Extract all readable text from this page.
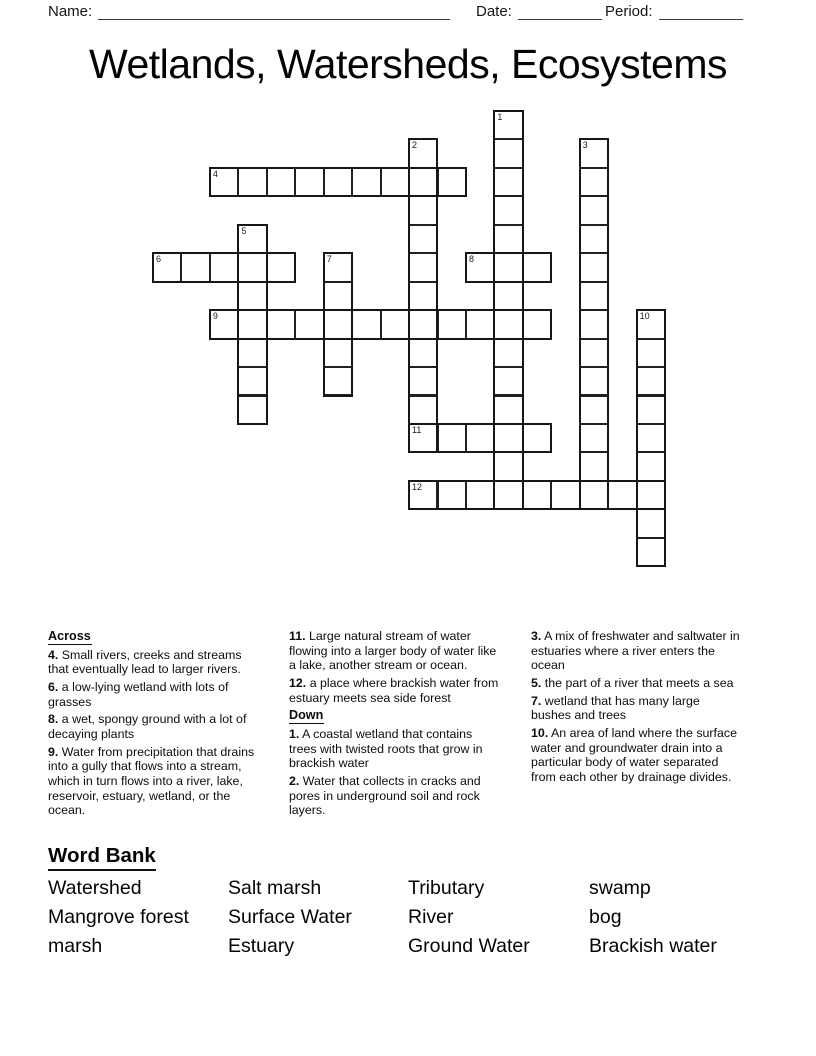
Name:	Date:	Period:
Wetlands, Watersheds, Ecosystems
1
2
11
3
4
5
6	7	8
9	10
12
Across
4. Small rivers, creeks and streams that eventually lead to larger rivers.
6. a low-lying wetland with lots of grasses
8. a wet, spongy ground with a lot of decaying plants
9. Water from precipitation that drains into a gully that flows into a stream, which in turn flows into a river, lake, reservoir, estuary, wetland, or the ocean.
11. Large natural stream of water flowing into a larger body of water like a lake, another stream or ocean.
12. a place where brackish water from estuary meets sea side forest
Down
1. A coastal wetland that contains trees with twisted roots that grow in brackish water
2. Water that collects in cracks and pores in underground soil and rock layers.
3. A mix of freshwater and saltwater in estuaries where a river enters the ocean
5. the part of a river that meets a sea
7. wetland that has many large bushes and trees
10. An area of land where the surface water and groundwater drain into a particular body of water separated from each other by drainage divides.
Word Bank
Watershed	Salt marsh	Tributary	swamp
Mangrove forest	Surface Water	River	bog
marsh	Estuary	Ground Water	Brackish water
